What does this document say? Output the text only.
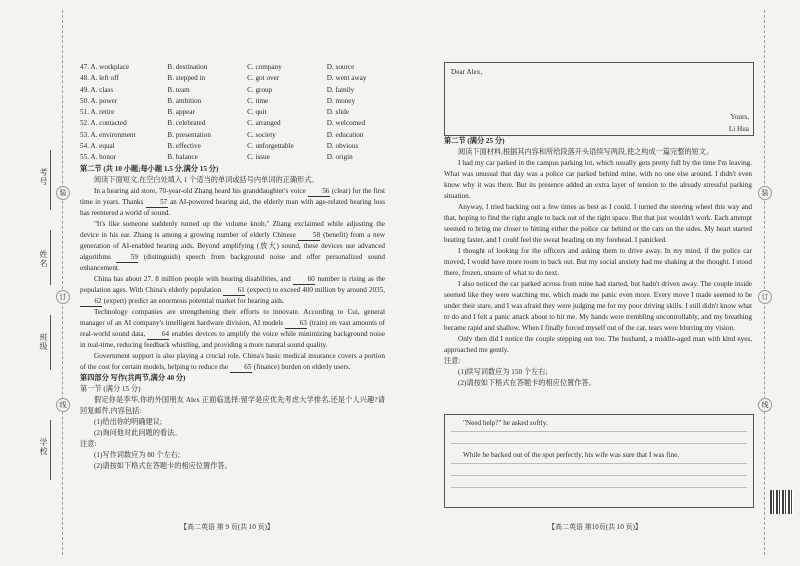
考号
姓名
班级
学校
装
订
线
装
订
线
47. A. workplace	B. destination	C. company	D. source
48. A. left off	B. stepped in	C. got over	D. went away
49. A. class	B. team	C. group	D. family
50. A. power	B. ambition	C. time	D. money
51. A. retire	B. appear	C. quit	D. slide
52. A. contacted	B. celebrated	C. arranged	D. welcomed
53. A. environment	B. presentation	C. society	D. education
54. A. equal	B. effective	C. unforgettable	D. obvious
55. A. honor	B. balance	C. issue	D. origin

第二节 (共 10 小题;每小题 1.5 分,满分 15 分)

阅读下面短文,在空白处填入 1 个适当的单词或括号内单词的正确形式。

In a hearing aid store, 70-year-old Zhang heard his granddaughter's voice 56 (clear) for the first time in years. Thanks 57 an AI-powered hearing aid, the elderly man with age-related hearing loss has reentered a world of sound.

"It's like someone suddenly turned up the volume knob," Zhang exclaimed while adjusting the device in his ear. Zhang is among a growing number of elderly Chinese 58 (benefit) from a new generation of AI-enabled hearing aids. Beyond amplifying (放大) sound, these devices use advanced algorithms	59 (distinguish) speech from background noise and offer personalized sound enhancement.

China has about 27. 8 million people with hearing disabilities, and 60 number is rising as the population ages. With China's elderly population 61 (expect) to exceed 400 million by around 2035, 62 (expert) predict an enormous potential market for hearing aids.

Technology companies are strengthening their efforts to innovate. According to Cui, general manager of an AI company's intelligent hardware division, AI models 63 (train) on vast amounts of real-world sound data, 64 enables devices to amplify the voice while minimizing background noise in real-time, reducing feedback whistling, and providing a more natural sound quality.

Government support is also playing a crucial role. China's basic medical insurance covers a portion of the cost for certain models, helping to reduce the 65 (finance) burden on elderly users.

第四部分 写作(共两节,满分 40 分)

第一节 (满分 15 分)

假定你是李华,你的外国朋友 Alex 正面临选择:留学是应优先考虑大学排名,还是个人兴趣?请回复邮件,内容包括:

(1)给出你的明确建议;

(2)询问他对此问题的看法。

注意:

(1)写作词数应为 80 个左右;

(2)请按如下格式在答题卡的相应位置作答。

Dear Alex,
Yours,
Li Hua

第二节 (满分 25 分)

阅读下面材料,根据其内容和所给段落开头语续写两段,使之构成一篇完整的短文。

I had my car parked in the campus parking lot, which usually gets pretty full by the time I'm leaving. What was unusual that day was a police car parked behind mine, with no one else around. I didn't even know why it was there. But its presence added an extra layer of tension to the already stressful parking situation.

Anyway, I tried backing out a few times as best as I could. I turned the steering wheel this way and that, hoping to find the right angle to back out of the tight space. But that just wouldn't work. Each attempt seemed to bring me closer to hitting either the police car behind or the cars on the sides. My heart started beating faster, and I could feel the sweat beading on my forehead. I panicked.

I thought of looking for the officers and asking them to drive away. In my mind, if the police car moved, I would have more room to back out. But my social anxiety had me shaking at the thought. I stood there, frozen, unsure of what to do next.

I also noticed the car parked across from mine had started, but hadn't driven away. The couple inside seemed like they were watching me, which made me panic even more. Every move I made seemed to be under their stare, and I was afraid they were judging me for my poor driving skills. I still didn't know what to do and I felt a panic attack about to hit me. My hands were trembling uncontrollably, and my breathing became rapid and shallow. When I finally forced myself out of the car, tears were blurring my vision.

Only then did I notice the couple stepping out too. The husband, a middle-aged man with kind eyes, approached me gently.

注意:

(1)续写词数应为 150 个左右;

(2)请按如下格式在答题卡的相应位置作答。

"Need help?" he asked softly.
While he backed out of the spot perfectly, his wife was sure that I was fine.
【高二英语 第 9 页(共 10 页)】	【高二英语 第10页(共 10 页)】
